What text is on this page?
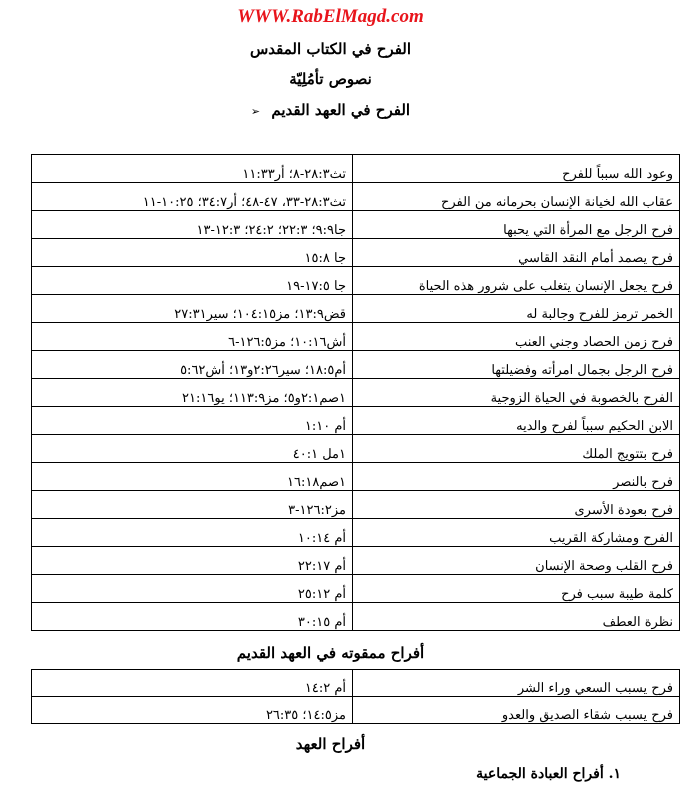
WWW.RabElMagd.com
الفرح في الكتاب المقدس
نصوص تأمُلِيّة
الفرح في العهد القديم ➢
وعود الله سبباً للفرح	تث٢٨:٣-٨؛ أر١١:٣٣
عقاب الله لخيانة الإنسان بحرمانه من الفرح	تث٢٨:٣-٣٣، ٤٧-٤٨؛ أر٣٤:٧؛ ١٠:٢٥-١١
فرح الرجل مع المرأة التي يحبها	جا٩:٩؛ ٢٢:٣؛ ٢٤:٢؛ ١٢:٣-١٣
فرح يصمد أمام النقد القاسي	جا ١٥:٨
فرح يجعل الإنسان يتغلب على شرور هذه الحياة	جا ١٧:٥-١٩
الخمر ترمز للفرح وجالبة له	قض١٣:٩؛ مز١٠٤:١٥؛ سير٢٧:٣١
فرح زمن الحصاد وجني العنب	أش١٠:١٦؛ مز١٢٦:٥-٦
فرح الرجل بجمال امرأته وفضيلتها	أم١٨:٥؛ سير٢:٢٦و١٣؛ أش٥:٦٢
الفرح بالخصوبة في الحياة الزوجية	١صم٢:١و٥؛ مز١١٣:٩؛ يو٢١:١٦
الابن الحكيم سبباً لفرح والديه	أم ١:١٠
فرح بتتويج الملك	١مل ٤٠:١
فرح بالنصر	١صم١٦:١٨
فرح بعودة الأسرى	مز١٢٦:٢-٣
الفرح ومشاركة القريب	أم ١٠:١٤
فرح القلب وصحة الإنسان	أم ٢٢:١٧
كلمة طيبة سبب فرح	أم ٢٥:١٢
نظرة العطف	أم ٣٠:١٥
أفراح ممقوته في العهد القديم
فرح يسبب السعي وراء الشر	أم ١٤:٢
فرح يسبب شقاء الصديق والعدو	مز١٤:٥؛ ٢٦:٣٥
أفراح العهد
١. أفراح العبادة الجماعية
